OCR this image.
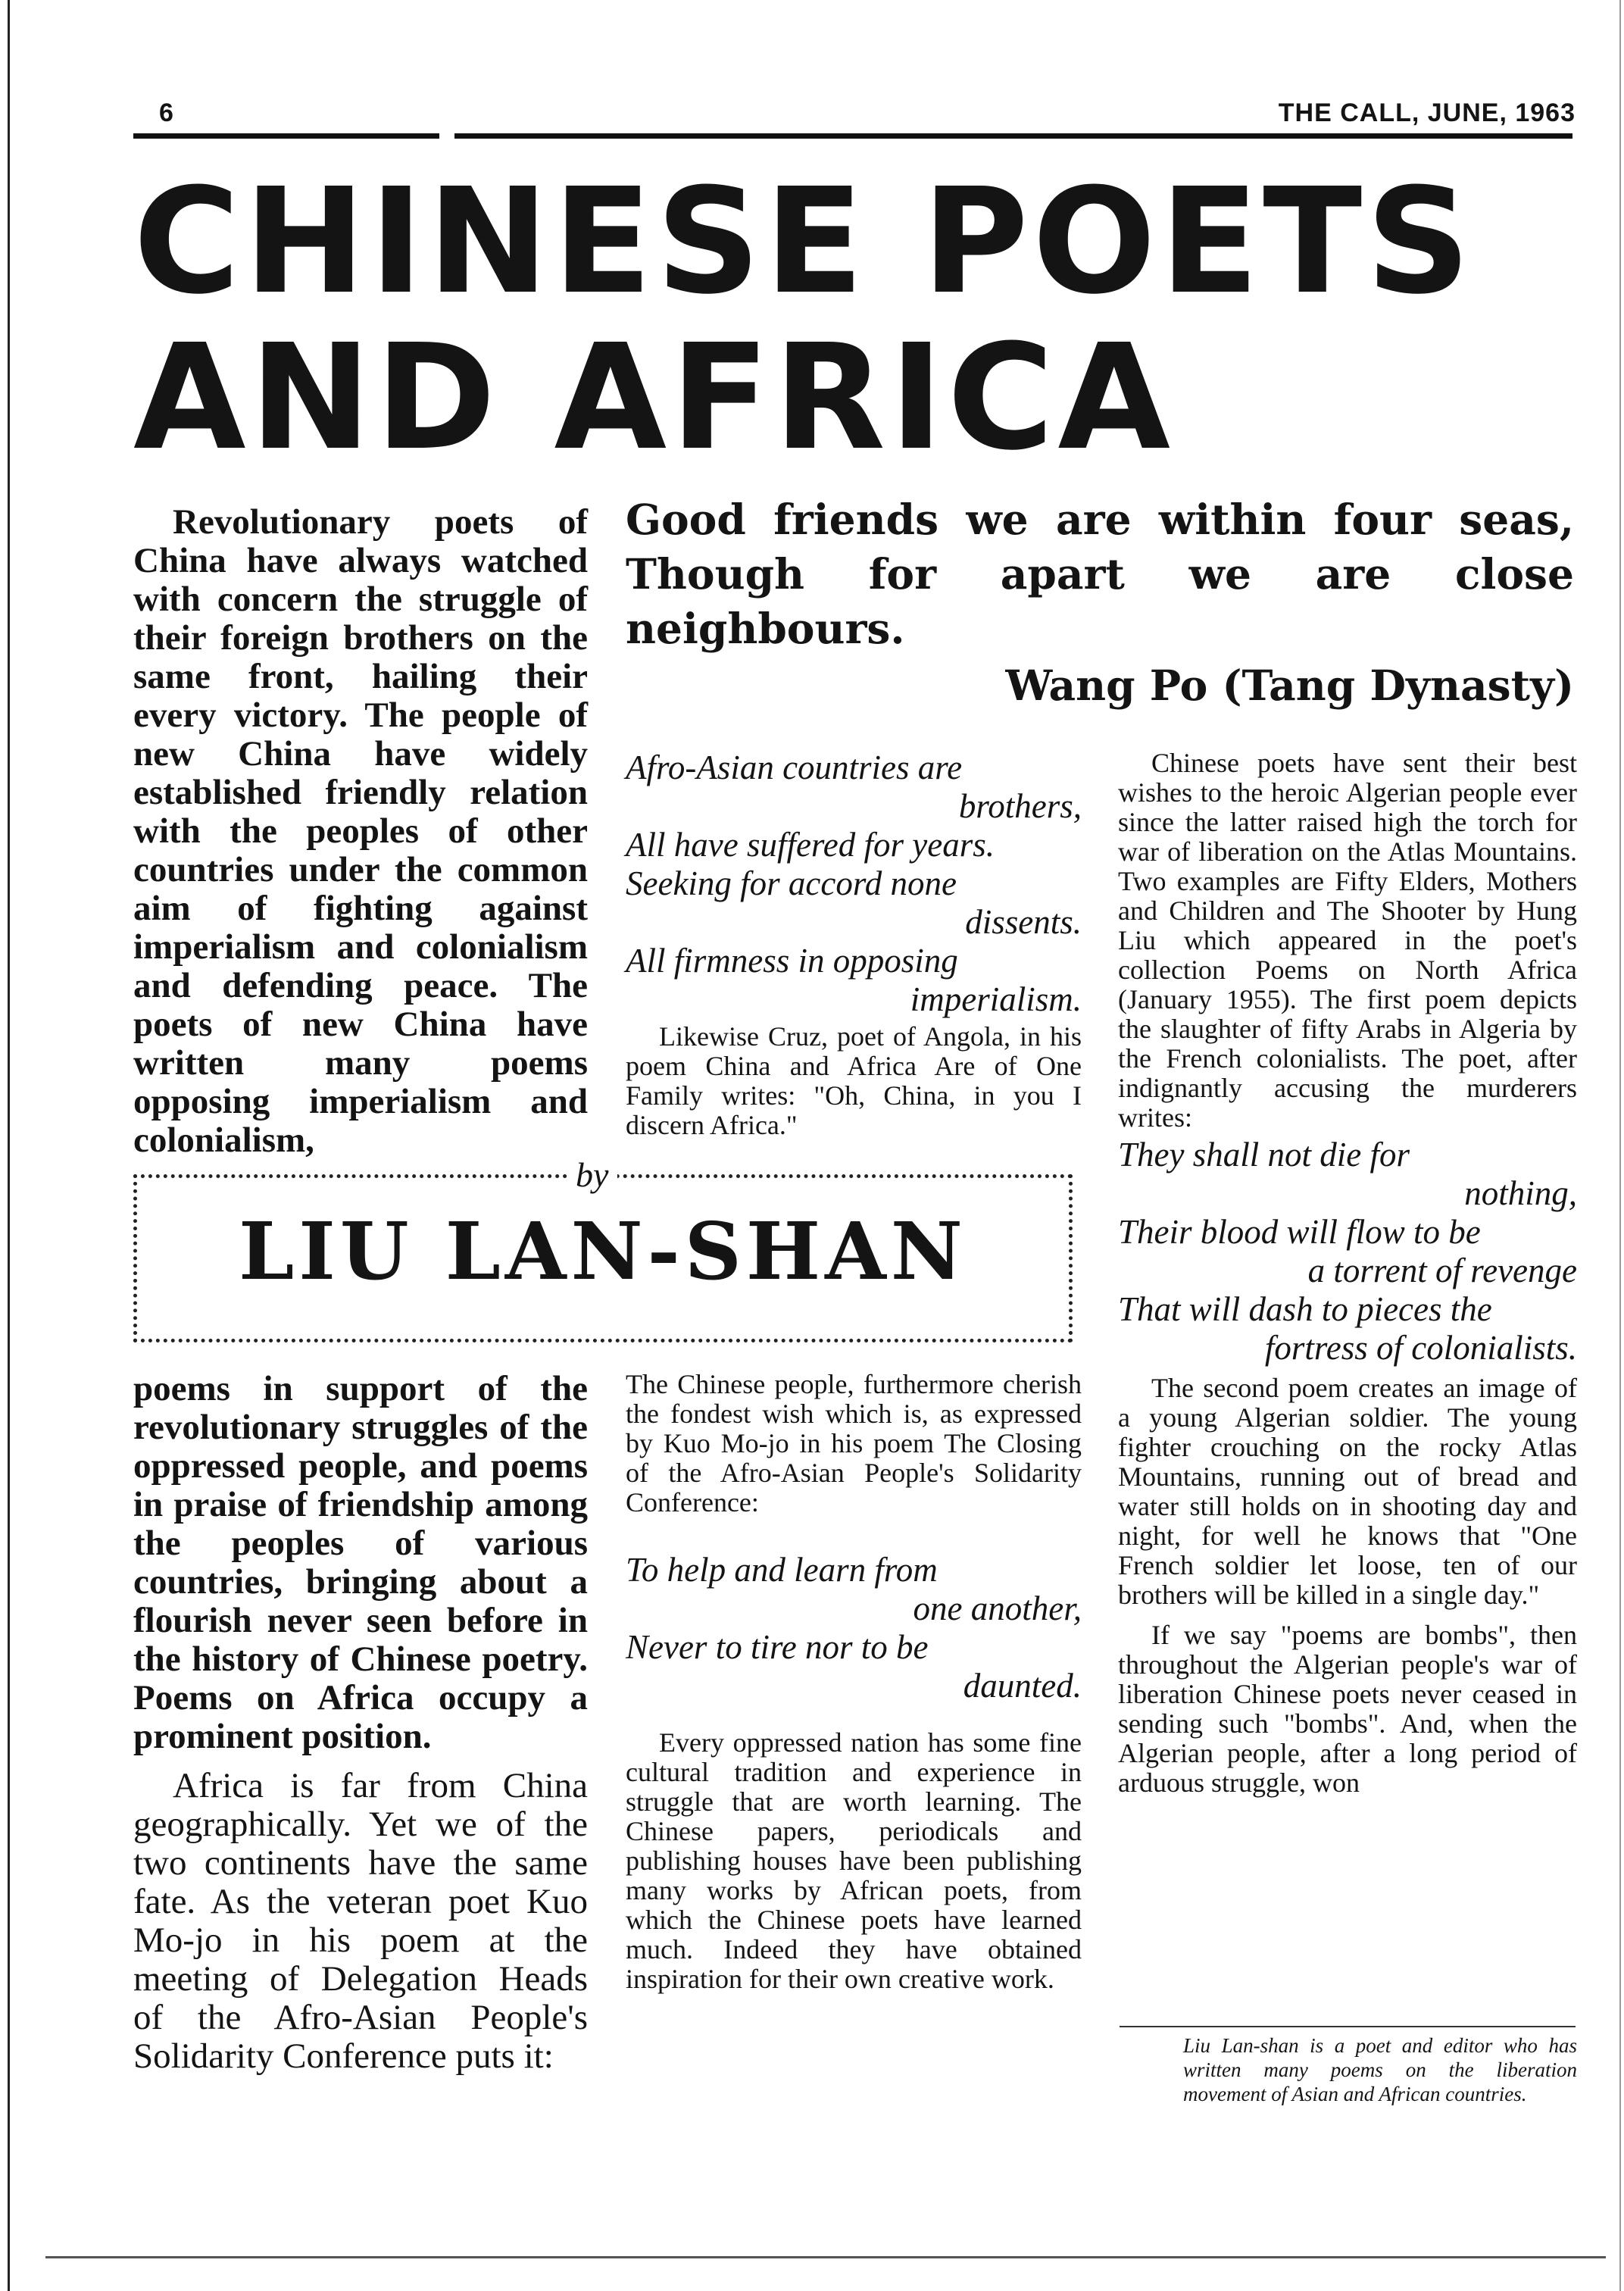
6	THE CALL, JUNE, 1963
CHINESE POETS
AND AFRICA

Revolutionary poets of China have always watched with concern the struggle of their foreign brothers on the same front, hailing their every victory. The people of new China have widely established friendly relation with the peoples of other countries under the common aim of fighting against imperialism and colonialism and defending peace. The poets of new China have written many poems opposing imperialism and colonialism,

Good friends we are within four seas, Though for apart we are close neighbours.

Wang Po (Tang Dynasty)
Afro-Asian countries are
brothers,
All have suffered for years.
Seeking for accord none
dissents.
All firmness in opposing
imperialism.

Likewise Cruz, poet of Angola, in his poem China and Africa Are of One Family writes: "Oh, China, in you I discern Africa."

by
LIU LAN-SHAN

poems in support of the revolutionary struggles of the oppressed people, and poems in praise of friendship among the peoples of various countries, bringing about a flourish never seen before in the history of Chinese poetry. Poems on Africa occupy a prominent position.

Africa is far from China geographically. Yet we of the two continents have the same fate. As the veteran poet Kuo Mo-jo in his poem at the meeting of Delegation Heads of the Afro-Asian People's Solidarity Conference puts it:

The Chinese people, furthermore cherish the fondest wish which is, as expressed by Kuo Mo-jo in his poem The Closing of the Afro-Asian People's Solidarity Conference:

To help and learn from
one another,
Never to tire nor to be
daunted.

Every oppressed nation has some fine cultural tradition and experience in struggle that are worth learning. The Chinese papers, periodicals and publishing houses have been publishing many works by African poets, from which the Chinese poets have learned much. Indeed they have obtained inspiration for their own creative work.

Chinese poets have sent their best wishes to the heroic Algerian people ever since the latter raised high the torch for war of liberation on the Atlas Mountains. Two examples are Fifty Elders, Mothers and Children and The Shooter by Hung Liu which appeared in the poet's collection Poems on North Africa (January 1955). The first poem depicts the slaughter of fifty Arabs in Algeria by the French colonialists. The poet, after indignantly accusing the murderers writes:

They shall not die for
nothing,
Their blood will flow to be
a torrent of revenge
That will dash to pieces the
fortress of colonialists.

The second poem creates an image of a young Algerian soldier. The young fighter crouching on the rocky Atlas Mountains, running out of bread and water still holds on in shooting day and night, for well he knows that "One French soldier let loose, ten of our brothers will be killed in a single day."

If we say "poems are bombs", then throughout the Algerian people's war of liberation Chinese poets never ceased in sending such "bombs". And, when the Algerian people, after a long period of arduous struggle, won

Liu Lan-shan is a poet and editor who has written many poems on the liberation movement of Asian and African countries.
